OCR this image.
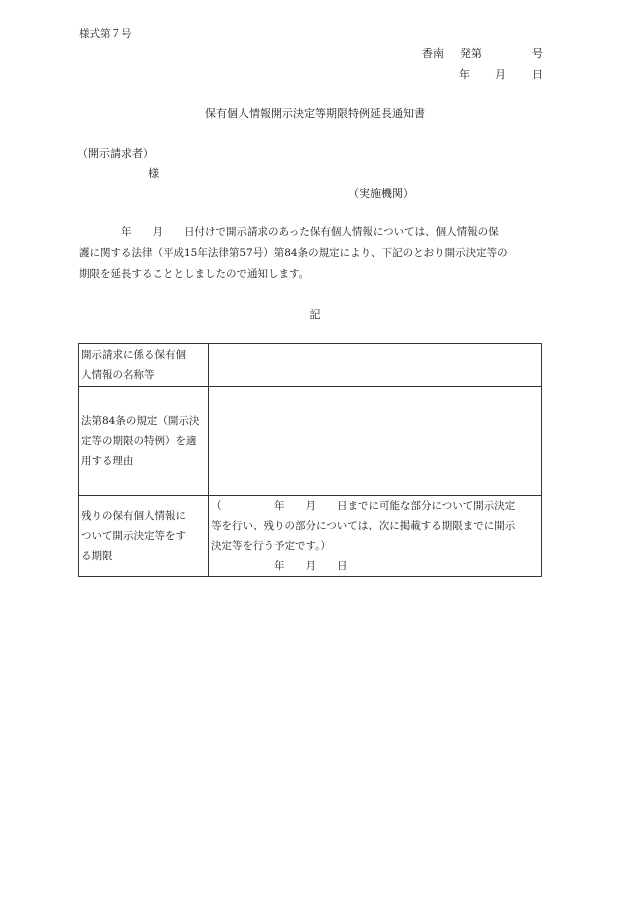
様式第７号
香南 発第	号
年 月 日
保有個人情報開示決定等期限特例延長通知書
（開示請求者）
様
（実施機関）
　　　　年　　月　　日付けで開示請求のあった保有個人情報については、個人情報の保
護に関する法律（平成15年法律第57号）第84条の規定により、下記のとおり開示決定等の
期限を延長することとしましたので通知します。
記
開示請求に係る保有個
人情報の名称等	

法第84条の規定（開示決
定等の期限の特例）を適
用する理由	

残りの保有個人情報に
ついて開示決定等をす
る期限	（　　　　　年　　月　　日までに可能な部分について開示決定
等を行い、残りの部分については、次に掲載する期限までに開示
決定等を行う予定です。）
　　　　　　年　　月　　日
